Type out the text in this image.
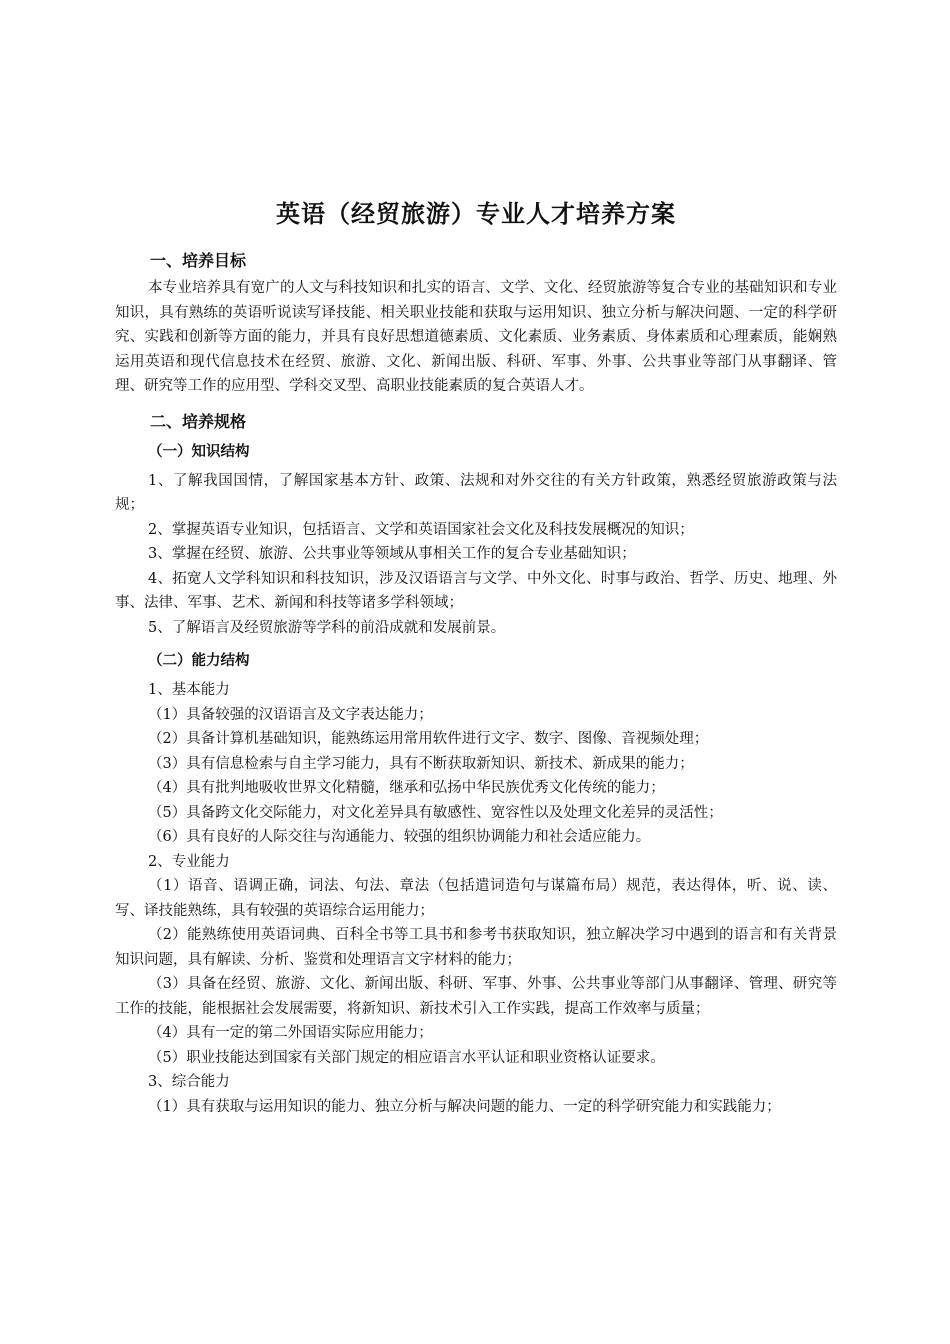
英语（经贸旅游）专业人才培养方案
一、培养目标

本专业培养具有宽广的人文与科技知识和扎实的语言、文学、文化、经贸旅游等复合专业的基础知识和专业知识，具有熟练的英语听说读写译技能、相关职业技能和获取与运用知识、独立分析与解决问题、一定的科学研究、实践和创新等方面的能力，并具有良好思想道德素质、文化素质、业务素质、身体素质和心理素质，能娴熟运用英语和现代信息技术在经贸、旅游、文化、新闻出版、科研、军事、外事、公共事业等部门从事翻译、管理、研究等工作的应用型、学科交叉型、高职业技能素质的复合英语人才。

二、培养规格
（一）知识结构

1、了解我国国情，了解国家基本方针、政策、法规和对外交往的有关方针政策，熟悉经贸旅游政策与法规；

2、掌握英语专业知识，包括语言、文学和英语国家社会文化及科技发展概况的知识；

3、掌握在经贸、旅游、公共事业等领域从事相关工作的复合专业基础知识；

4、拓宽人文学科知识和科技知识，涉及汉语语言与文学、中外文化、时事与政治、哲学、历史、地理、外事、法律、军事、艺术、新闻和科技等诸多学科领域；

5、了解语言及经贸旅游等学科的前沿成就和发展前景。

（二）能力结构

1、基本能力

（1）具备较强的汉语语言及文字表达能力；

（2）具备计算机基础知识，能熟练运用常用软件进行文字、数字、图像、音视频处理；

（3）具有信息检索与自主学习能力，具有不断获取新知识、新技术、新成果的能力；

（4）具有批判地吸收世界文化精髓，继承和弘扬中华民族优秀文化传统的能力；

（5）具备跨文化交际能力，对文化差异具有敏感性、宽容性以及处理文化差异的灵活性；

（6）具有良好的人际交往与沟通能力、较强的组织协调能力和社会适应能力。

2、专业能力

（1）语音、语调正确，词法、句法、章法（包括遣词造句与谋篇布局）规范，表达得体，听、说、读、写、译技能熟练，具有较强的英语综合运用能力；

（2）能熟练使用英语词典、百科全书等工具书和参考书获取知识，独立解决学习中遇到的语言和有关背景知识问题，具有解读、分析、鉴赏和处理语言文字材料的能力；

（3）具备在经贸、旅游、文化、新闻出版、科研、军事、外事、公共事业等部门从事翻译、管理、研究等工作的技能，能根据社会发展需要，将新知识、新技术引入工作实践，提高工作效率与质量；

（4）具有一定的第二外国语实际应用能力；

（5）职业技能达到国家有关部门规定的相应语言水平认证和职业资格认证要求。

3、综合能力

（1）具有获取与运用知识的能力、独立分析与解决问题的能力、一定的科学研究能力和实践能力；
